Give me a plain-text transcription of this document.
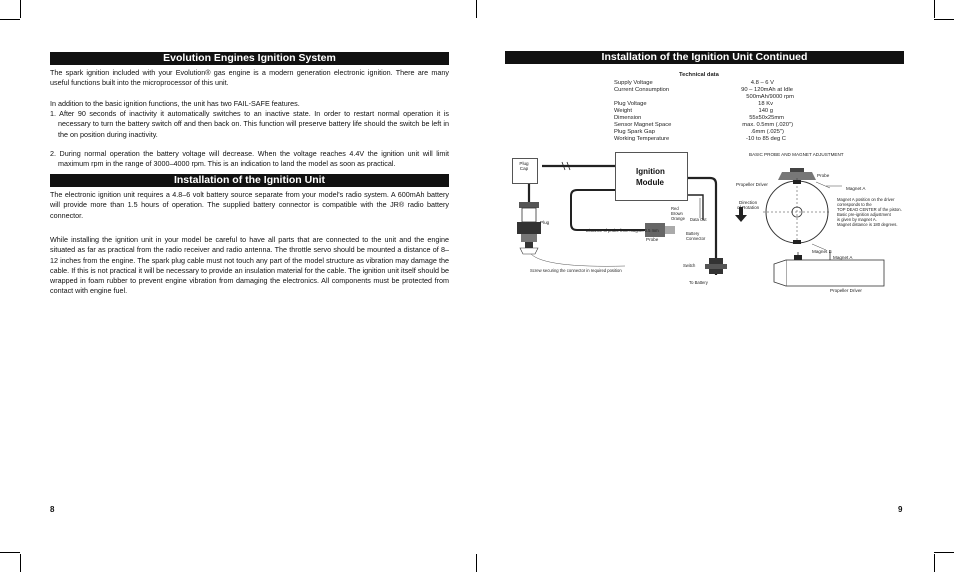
Evolution Engines Ignition System
The spark ignition included with your Evolution® gas engine is a modern generation electronic ignition. There are many useful functions built into the microprocessor of this unit.
In addition to the basic ignition functions, the unit has two FAIL-SAFE features.
1. After 90 seconds of inactivity it automatically switches to an inactive state. In order to restart normal operation it is necessary to turn the battery switch off and then back on. This function will preserve battery life should the switch be left in the on position during inactivity.
2. During normal operation the battery voltage will decrease. When the voltage reaches 4.4V the ignition unit will limit maximum rpm in the range of 3000–4000 rpm. This is an indication to land the model as soon as practical.
Installation of the Ignition Unit
The electronic ignition unit requires a 4.8–6 volt battery source separate from your model's radio system. A 600mAh battery will provide more than 1.5 hours of operation. The supplied battery connector is compatible with the JR® radio battery connector.
While installing the ignition unit in your model be careful to have all parts that are connected to the unit and the engine situated as far as practical from the radio receiver and radio antenna. The throttle servo should be mounted a distance of 8–12 inches from the engine. The spark plug cable must not touch any part of the model structure as vibration may damage the cable. If this is not practical it will be necessary to provide an insulation material for the cable. The ignition unit itself should be wrapped in foam rubber to prevent engine vibration from damaging the electronics. All components must be protected from contact with engine fuel.
8
Installation of the Ignition Unit Continued
Technical data
Supply Voltage	4.8 – 6 V
Current Consumption	90 – 120mAh at Idle
500mAh/9000 rpm
Plug Voltage	18 Kv
Weight	140 g
Dimension	55x50x25mm
Sensor Magnet Space	max. 0.5mm (.020")
Plug Spark Gap	.6mm (.025")
Working Temperature	-10 to 85 deg C
Plug
Cap
Plug
Ignition
Module
Probe
Distance of probe from magnet 0.5 mm
Screw securing the connector in required position
Red
Brown
Orange Data Cut
Battery
Connector
Switch
To Battery
BASIC PROBE AND MAGNET ADJUSTMENT
Probe
Propeller Driver
Magnet A
Direction
of Rotation
Magnet A position on the driver
corresponds to the
TOP DEAD CENTER of the piston.
Basic pre-ignition adjustment
is given by magnet A.
Magnet distance is 180 degrees.
Magnet B
Magnet A
Propeller Driver
9
